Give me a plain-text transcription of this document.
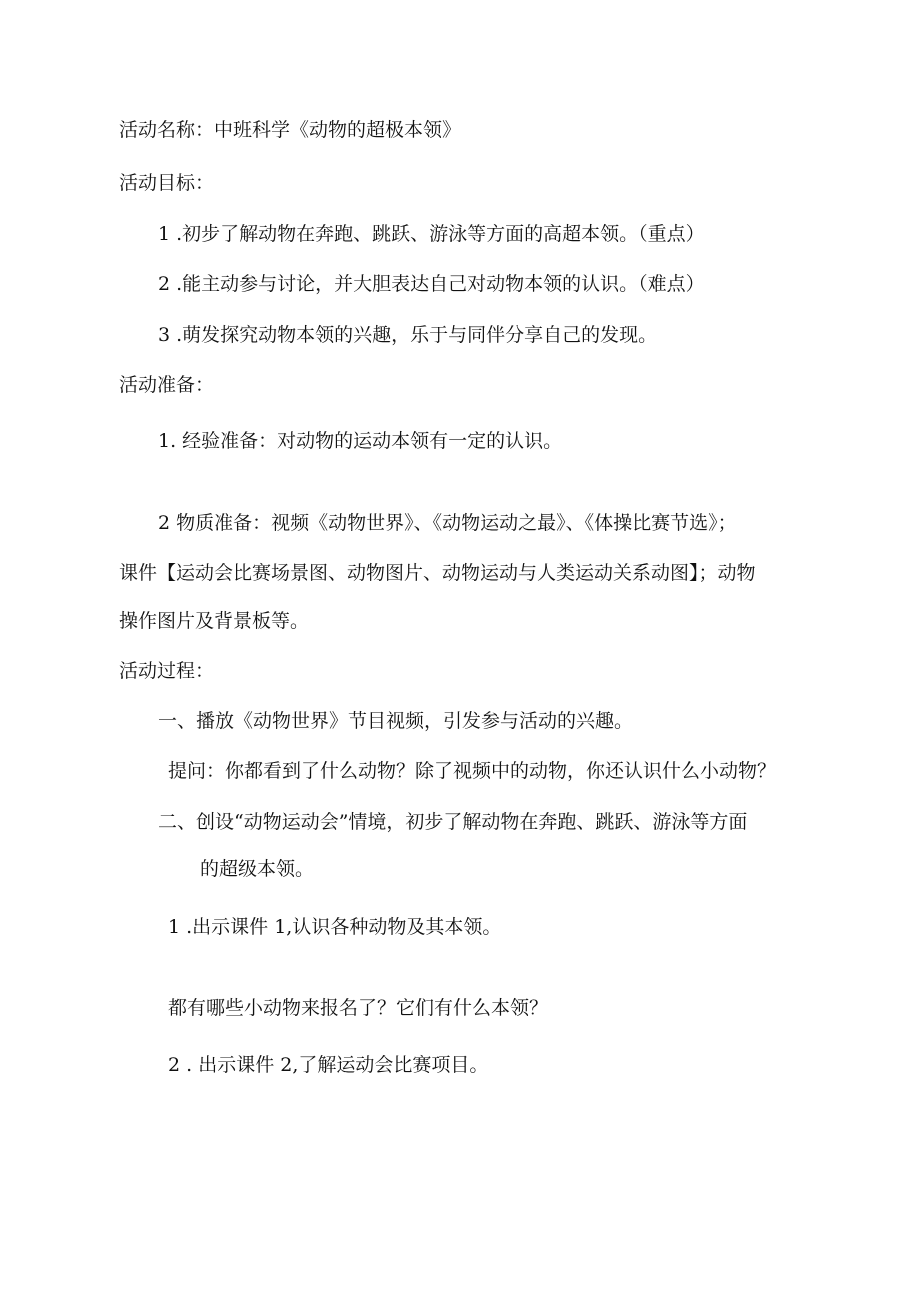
活动名称：中班科学《动物的超极本领》
活动目标：
1 .初步了解动物在奔跑、跳跃、游泳等方面的高超本领。（重点）
2 .能主动参与讨论，并大胆表达自己对动物本领的认识。（难点）
3 .萌发探究动物本领的兴趣，乐于与同伴分享自己的发现。
活动准备：
1. 经验准备：对动物的运动本领有一定的认识。
2 物质准备：视频《动物世界》、《动物运动之最》、《体操比赛节选》；
课件【运动会比赛场景图、动物图片、动物运动与人类运动关系动图】；动物
操作图片及背景板等。
活动过程：
一、播放《动物世界》节目视频，引发参与活动的兴趣。
提问：你都看到了什么动物？除了视频中的动物，你还认识什么小动物？
二、创设“动物运动会”情境，初步了解动物在奔跑、跳跃、游泳等方面
的超级本领。
1 .出示课件 1,认识各种动物及其本领。
都有哪些小动物来报名了？它们有什么本领？
2 . 出示课件 2,了解运动会比赛项目。
